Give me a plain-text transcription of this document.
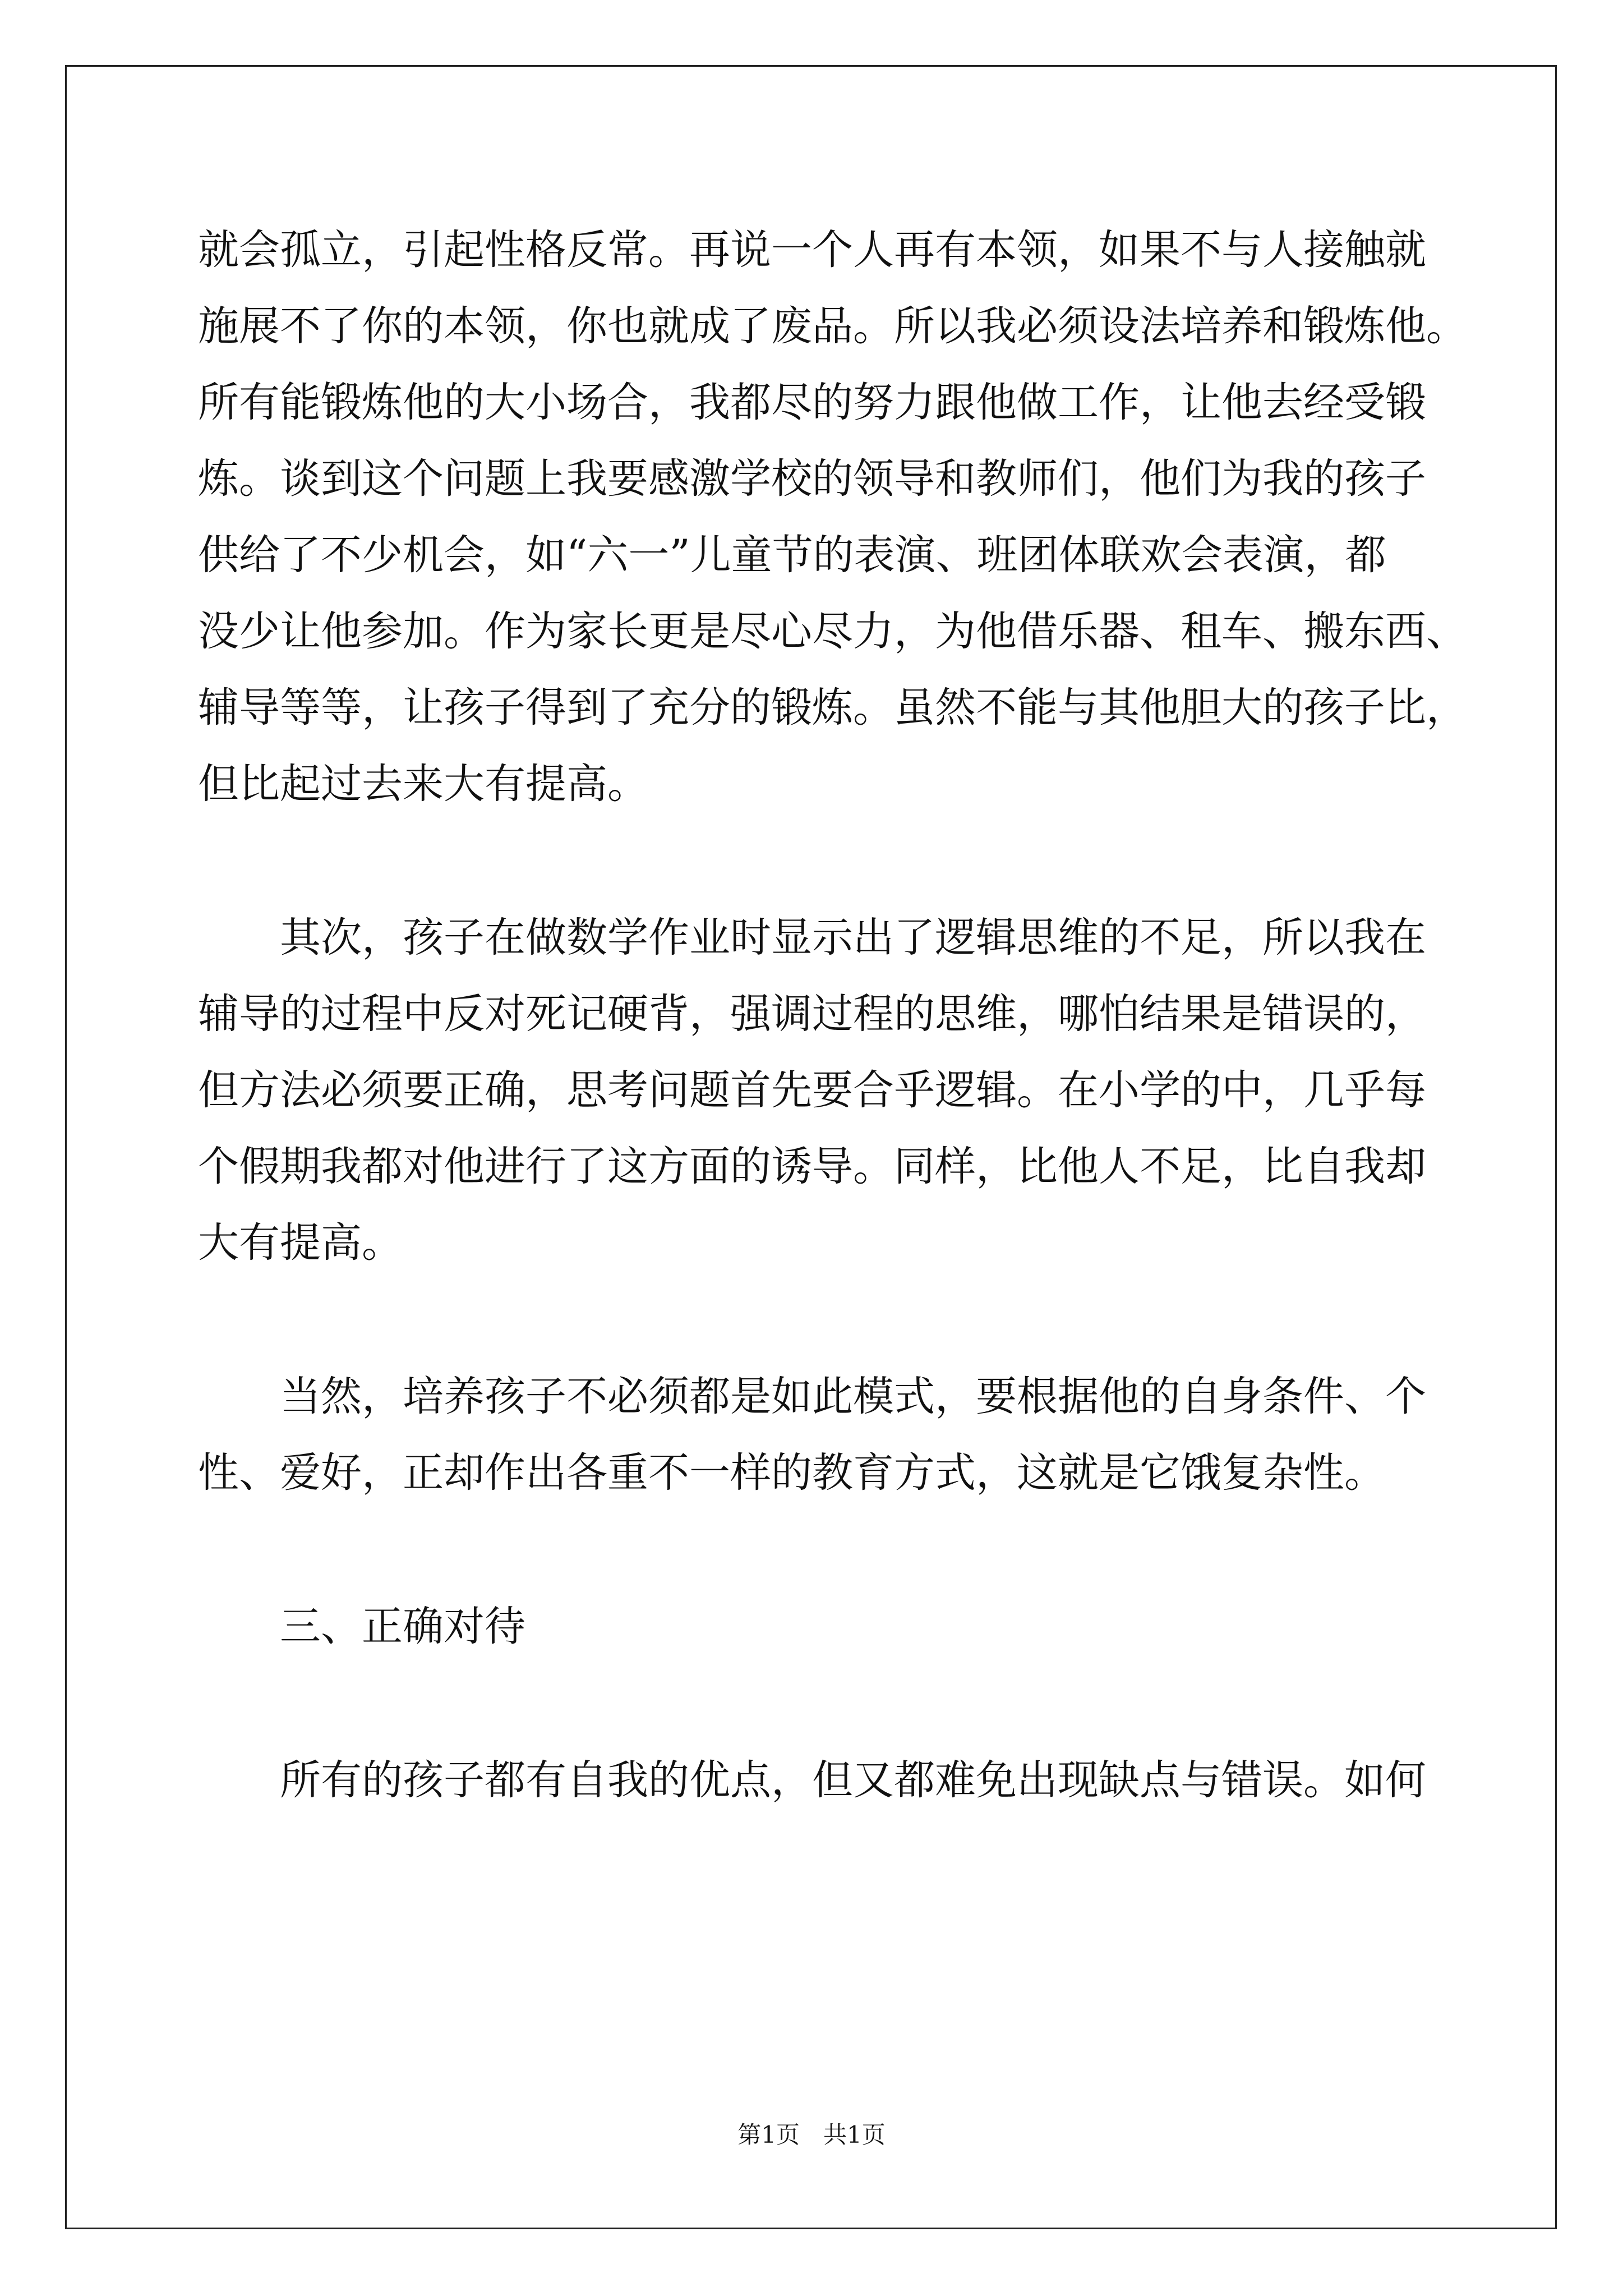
就会孤立，引起性格反常。再说一个人再有本领，如果不与人接触就
施展不了你的本领，你也就成了废品。所以我必须设法培养和锻炼他。
所有能锻炼他的大小场合，我都尽的努力跟他做工作，让他去经受锻
炼。谈到这个问题上我要感激学校的领导和教师们，他们为我的孩子
供给了不少机会，如“六一”儿童节的表演、班团体联欢会表演，都
没少让他参加。作为家长更是尽心尽力，为他借乐器、租车、搬东西、
辅导等等，让孩子得到了充分的锻炼。虽然不能与其他胆大的孩子比，
但比起过去来大有提高。
其次，孩子在做数学作业时显示出了逻辑思维的不足，所以我在
辅导的过程中反对死记硬背，强调过程的思维，哪怕结果是错误的，
但方法必须要正确，思考问题首先要合乎逻辑。在小学的中，几乎每
个假期我都对他进行了这方面的诱导。同样，比他人不足，比自我却
大有提高。
当然，培养孩子不必须都是如此模式，要根据他的自身条件、个
性、爱好，正却作出各重不一样的教育方式，这就是它饿复杂性。
三、正确对待
所有的孩子都有自我的优点，但又都难免出现缺点与错误。如何
第1页　共1页
